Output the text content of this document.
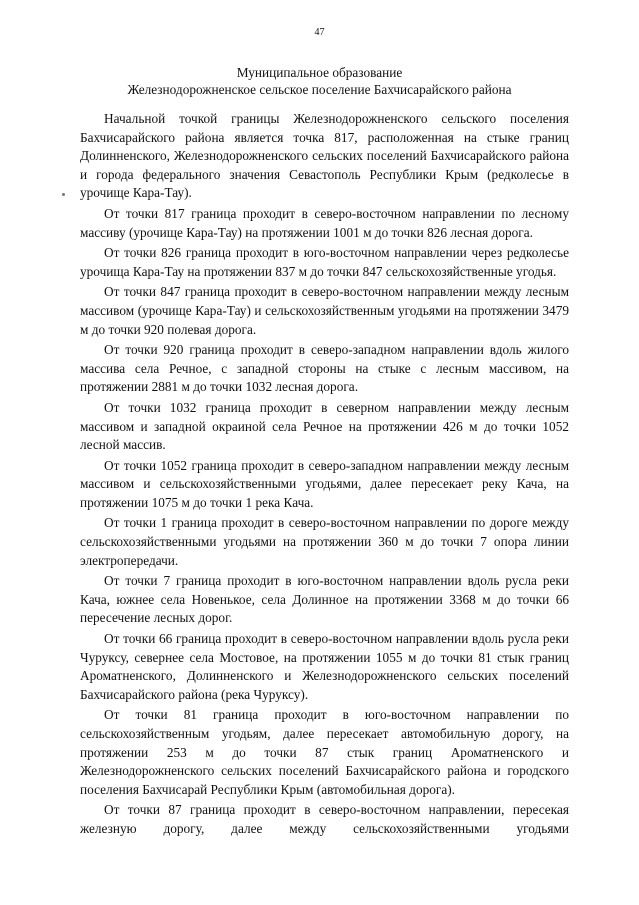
47
Муниципальное образование
Железнодорожненское сельское поселение Бахчисарайского района

Начальной точкой границы Железнодорожненского сельского поселения Бахчисарайского района является точка 817, расположенная на стыке границ Долинненского, Железнодорожненского сельских поселений Бахчисарайского района и города федерального значения Севастополь Республики Крым (редколесье в урочище Кара-Тау).

От точки 817 граница проходит в северо-восточном направлении по лесному массиву (урочище Кара-Тау) на протяжении 1001 м до точки 826 лесная дорога.

От точки 826 граница проходит в юго-восточном направлении через редколесье урочища Кара-Тау на протяжении 837 м до точки 847 сельскохозяйственные угодья.

От точки 847 граница проходит в северо-восточном направлении между лесным массивом (урочище Кара-Тау) и сельскохозяйственным угодьями на протяжении 3479 м до точки 920 полевая дорога.

От точки 920 граница проходит в северо-западном направлении вдоль жилого массива села Речное, с западной стороны на стыке с лесным массивом, на протяжении 2881 м до точки 1032 лесная дорога.

От точки 1032 граница проходит в северном направлении между лесным массивом и западной окраиной села Речное на протяжении 426 м до точки 1052 лесной массив.

От точки 1052 граница проходит в северо-западном направлении между лесным массивом и сельскохозяйственными угодьями, далее пересекает реку Кача, на протяжении 1075 м до точки 1 река Кача.

От точки 1 граница проходит в северо-восточном направлении по дороге между сельскохозяйственными угодьями на протяжении 360 м до точки 7 опора линии электропередачи.

От точки 7 граница проходит в юго-восточном направлении вдоль русла реки Кача, южнее села Новенькое, села Долинное на протяжении 3368 м до точки 66 пересечение лесных дорог.

От точки 66 граница проходит в северо-восточном направлении вдоль русла реки Чуруксу, севернее села Мостовое, на протяжении 1055 м до точки 81 стык границ Ароматненского, Долинненского и Железнодорожненского сельских поселений Бахчисарайского района (река Чуруксу).

От точки 81 граница проходит в юго-восточном направлении по сельскохозяйственным угодьям, далее пересекает автомобильную дорогу, на протяжении 253 м до точки 87 стык границ Ароматненского и Железнодорожненского сельских поселений Бахчисарайского района и городского поселения Бахчисарай Республики Крым (автомобильная дорога).

От точки 87 граница проходит в северо-восточном направлении, пересекая железную дорогу, далее между сельскохозяйственными угодьями
